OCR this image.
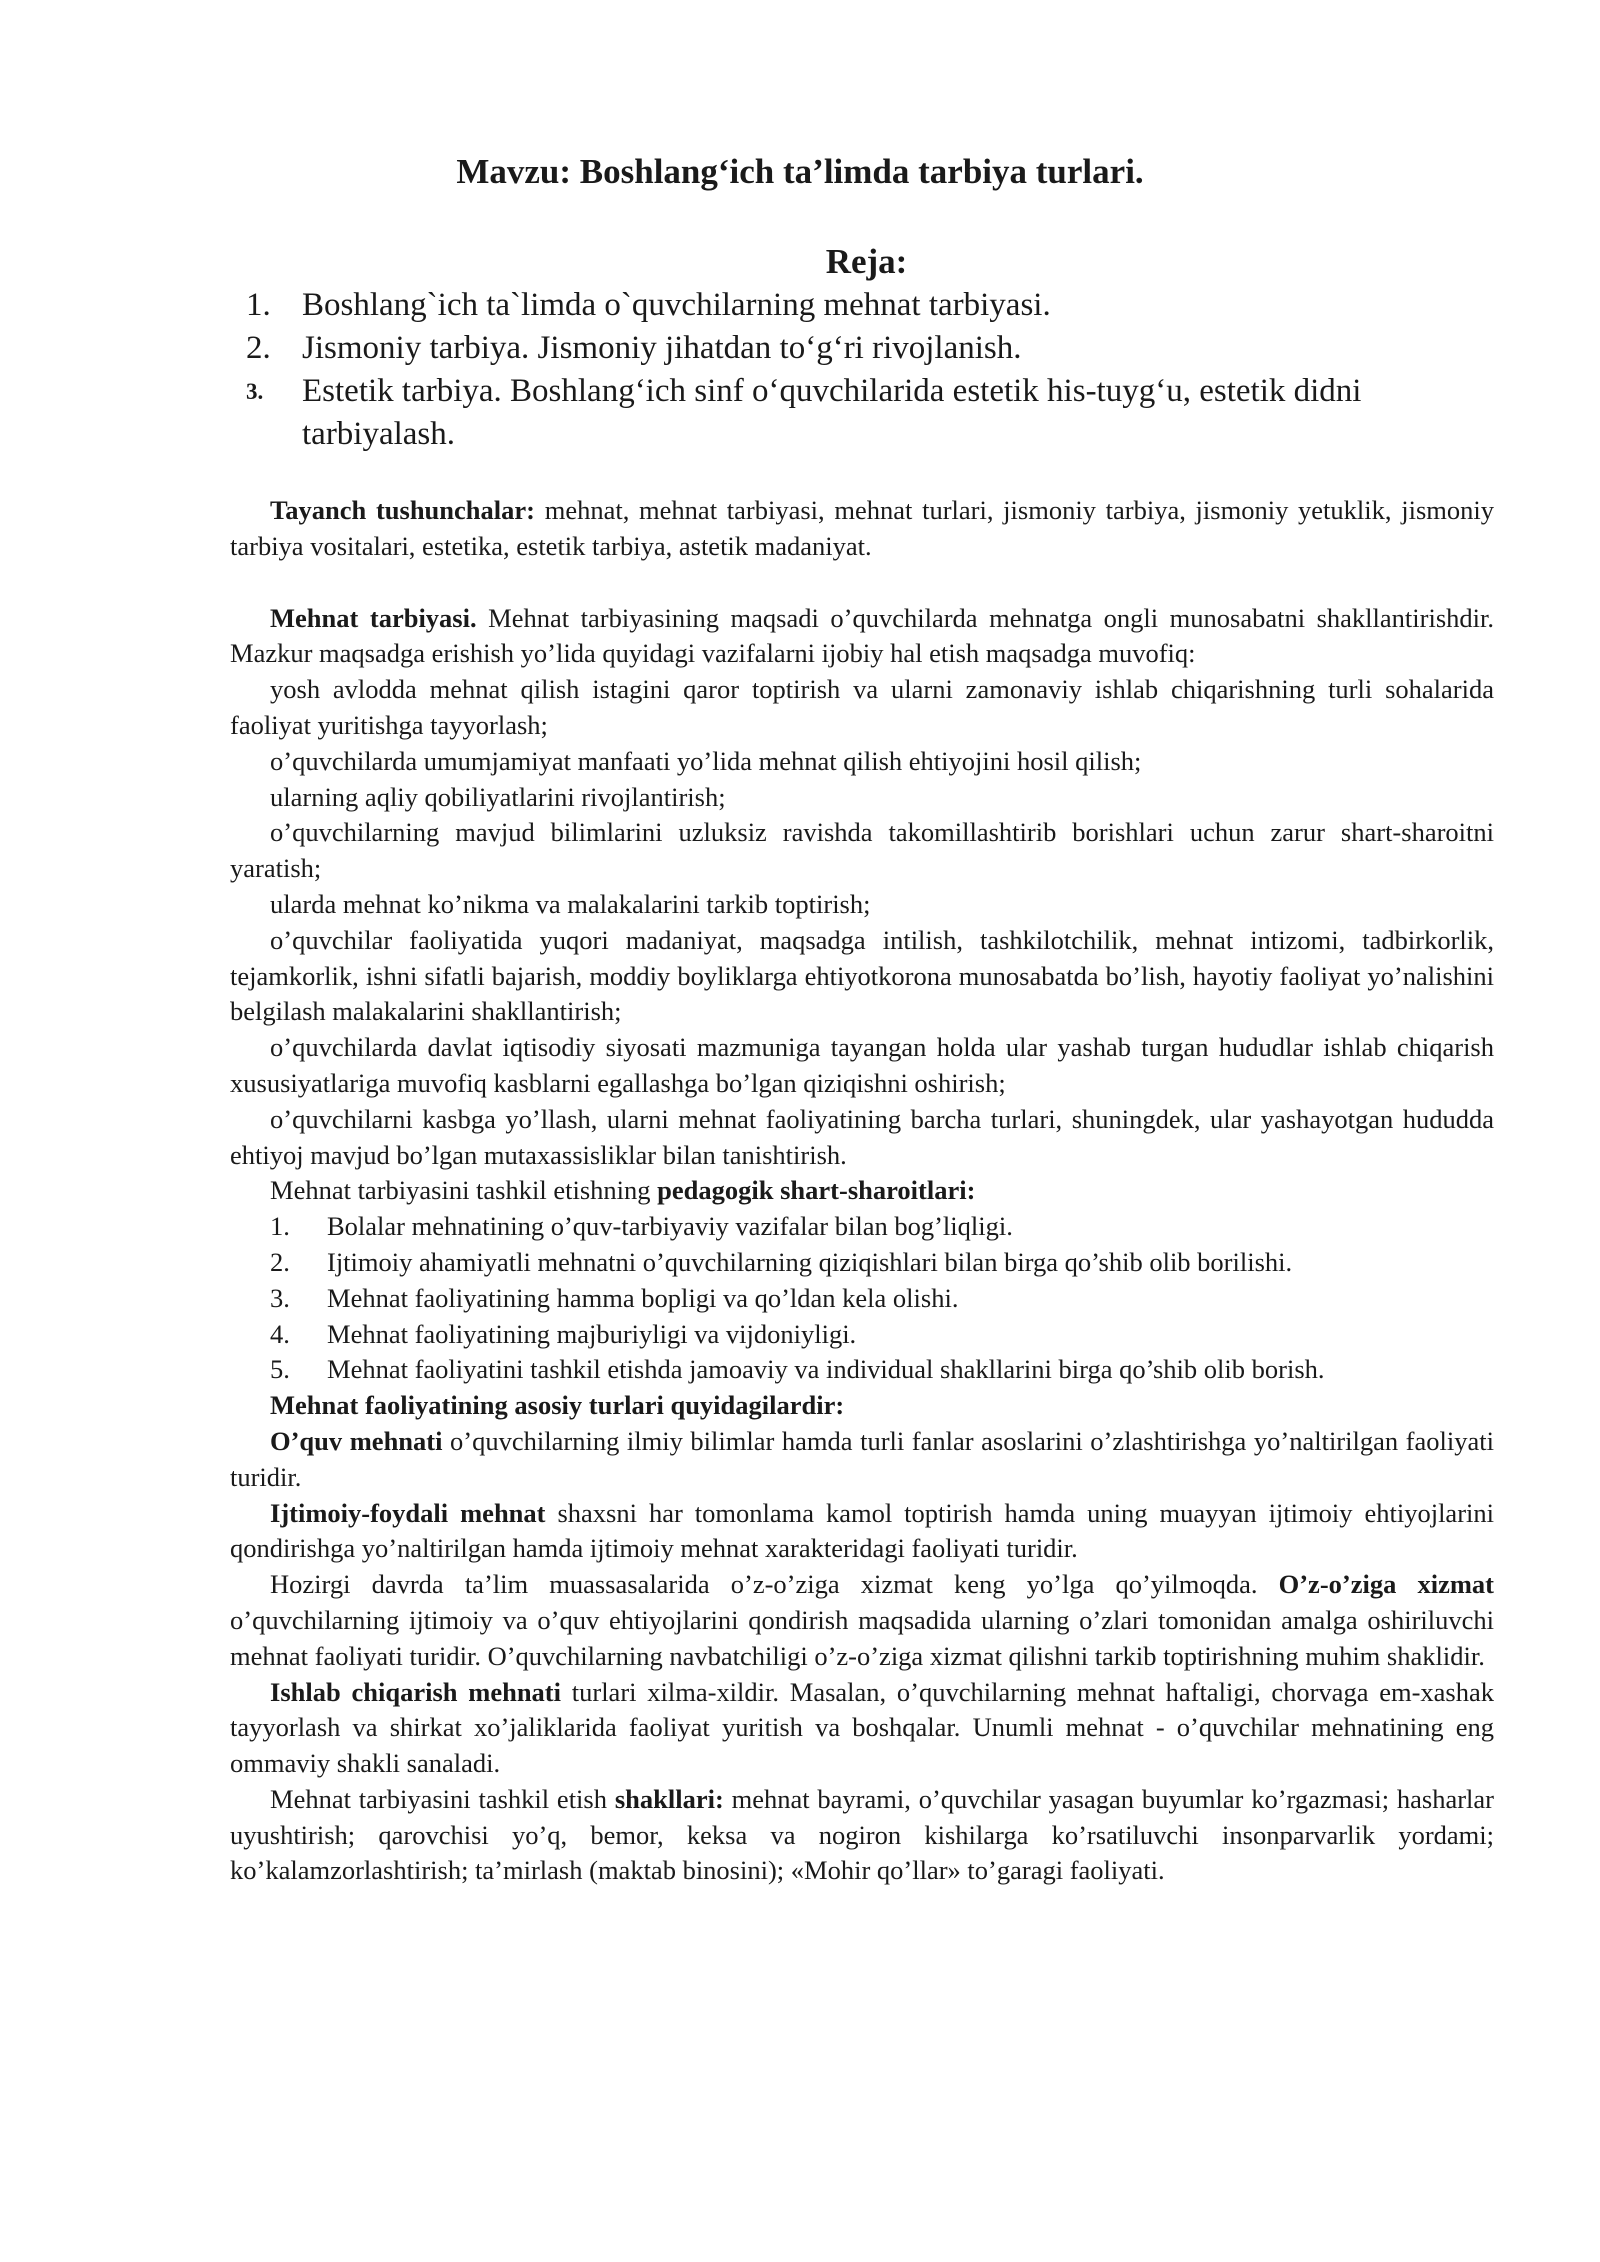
Mavzu: Boshlang‘ich ta’limda tarbiya turlari.
Reja:
1. Boshlang`ich ta`limda o`quvchilarning mehnat tarbiyasi.
2. Jismoniy tarbiya. Jismoniy jihatdan to‘g‘ri rivojlanish.
3.	Estetik tarbiya. Boshlang‘ich sinf o‘quvchilarida estetik his-tuyg‘u, estetik didni tarbiyalash.

Tayanch tushunchalar: mehnat, mehnat tarbiyasi, mehnat turlari, jismoniy tarbiya, jismoniy yetuklik, jismoniy tarbiya vositalari, estetika, estetik tarbiya, astetik madaniyat.

Mehnat tarbiyasi. Mehnat tarbiyasining maqsadi o’quvchilarda mehnatga ongli munosabatni shakllantirishdir. Mazkur maqsadga erishish yo’lida quyidagi vazifalarni ijobiy hal etish maqsadga muvofiq:

yosh avlodda mehnat qilish istagini qaror toptirish va ularni zamonaviy ishlab chiqarishning turli sohalarida faoliyat yuritishga tayyorlash;

o’quvchilarda umumjamiyat manfaati yo’lida mehnat qilish ehtiyojini hosil qilish;

ularning aqliy qobiliyatlarini rivojlantirish;

o’quvchilarning mavjud bilimlarini uzluksiz ravishda takomillashtirib borishlari uchun zarur shart-sharoitni yaratish;

ularda mehnat ko’nikma va malakalarini tarkib toptirish;

o’quvchilar faoliyatida yuqori madaniyat, maqsadga intilish, tashkilotchilik, mehnat intizomi, tadbirkorlik, tejamkorlik, ishni sifatli bajarish, moddiy boyliklarga ehtiyotkorona munosabatda bo’lish, hayotiy faoliyat yo’nalishini belgilash malakalarini shakllantirish;

o’quvchilarda davlat iqtisodiy siyosati mazmuniga tayangan holda ular yashab turgan hududlar ishlab chiqarish xususiyatlariga muvofiq kasblarni egallashga bo’lgan qiziqishni oshirish;

o’quvchilarni kasbga yo’llash, ularni mehnat faoliyatining barcha turlari, shuningdek, ular yashayotgan hududda ehtiyoj mavjud bo’lgan mutaxassisliklar bilan tanishtirish.

Mehnat tarbiyasini tashkil etishning pedagogik shart-sharoitlari:

1. Bolalar mehnatining o’quv-tarbiyaviy vazifalar bilan bog’liqligi.

2. Ijtimoiy ahamiyatli mehnatni o’quvchilarning qiziqishlari bilan birga qo’shib olib borilishi.

3. Mehnat faoliyatining hamma bopligi va qo’ldan kela olishi.

4. Mehnat faoliyatining majburiyligi va vijdoniyligi.

5. Mehnat faoliyatini tashkil etishda jamoaviy va individual shakllarini birga qo’shib olib borish.

Mehnat faoliyatining asosiy turlari quyidagilardir:

O’quv mehnati o’quvchilarning ilmiy bilimlar hamda turli fanlar asoslarini o’zlashtirishga yo’naltirilgan faoliyati turidir.

Ijtimoiy-foydali mehnat shaxsni har tomonlama kamol toptirish hamda uning muayyan ijtimoiy ehtiyojlarini qondirishga yo’naltirilgan hamda ijtimoiy mehnat xarakteridagi faoliyati turidir.

Hozirgi davrda ta’lim muassasalarida o’z-o’ziga xizmat keng yo’lga qo’yilmoqda. O’z-o’ziga xizmat o’quvchilarning ijtimoiy va o’quv ehtiyojlarini qondirish maqsadida ularning o’zlari tomonidan amalga oshiriluvchi mehnat faoliyati turidir. O’quvchilarning navbatchiligi o’z-o’ziga xizmat qilishni tarkib toptirishning muhim shaklidir.

Ishlab chiqarish mehnati turlari xilma-xildir. Masalan, o’quvchilarning mehnat haftaligi, chorvaga em-xashak tayyorlash va shirkat xo’jaliklarida faoliyat yuritish va boshqalar. Unumli mehnat - o’quvchilar mehnatining eng ommaviy shakli sanaladi.

Mehnat tarbiyasini tashkil etish shakllari: mehnat bayrami, o’quvchilar yasagan buyumlar ko’rgazmasi; hasharlar uyushtirish; qarovchisi yo’q, bemor, keksa va nogiron kishilarga ko’rsatiluvchi insonparvarlik yordami; ko’kalamzorlashtirish; ta’mirlash (maktab binosini); «Mohir qo’llar» to’garagi faoliyati.
